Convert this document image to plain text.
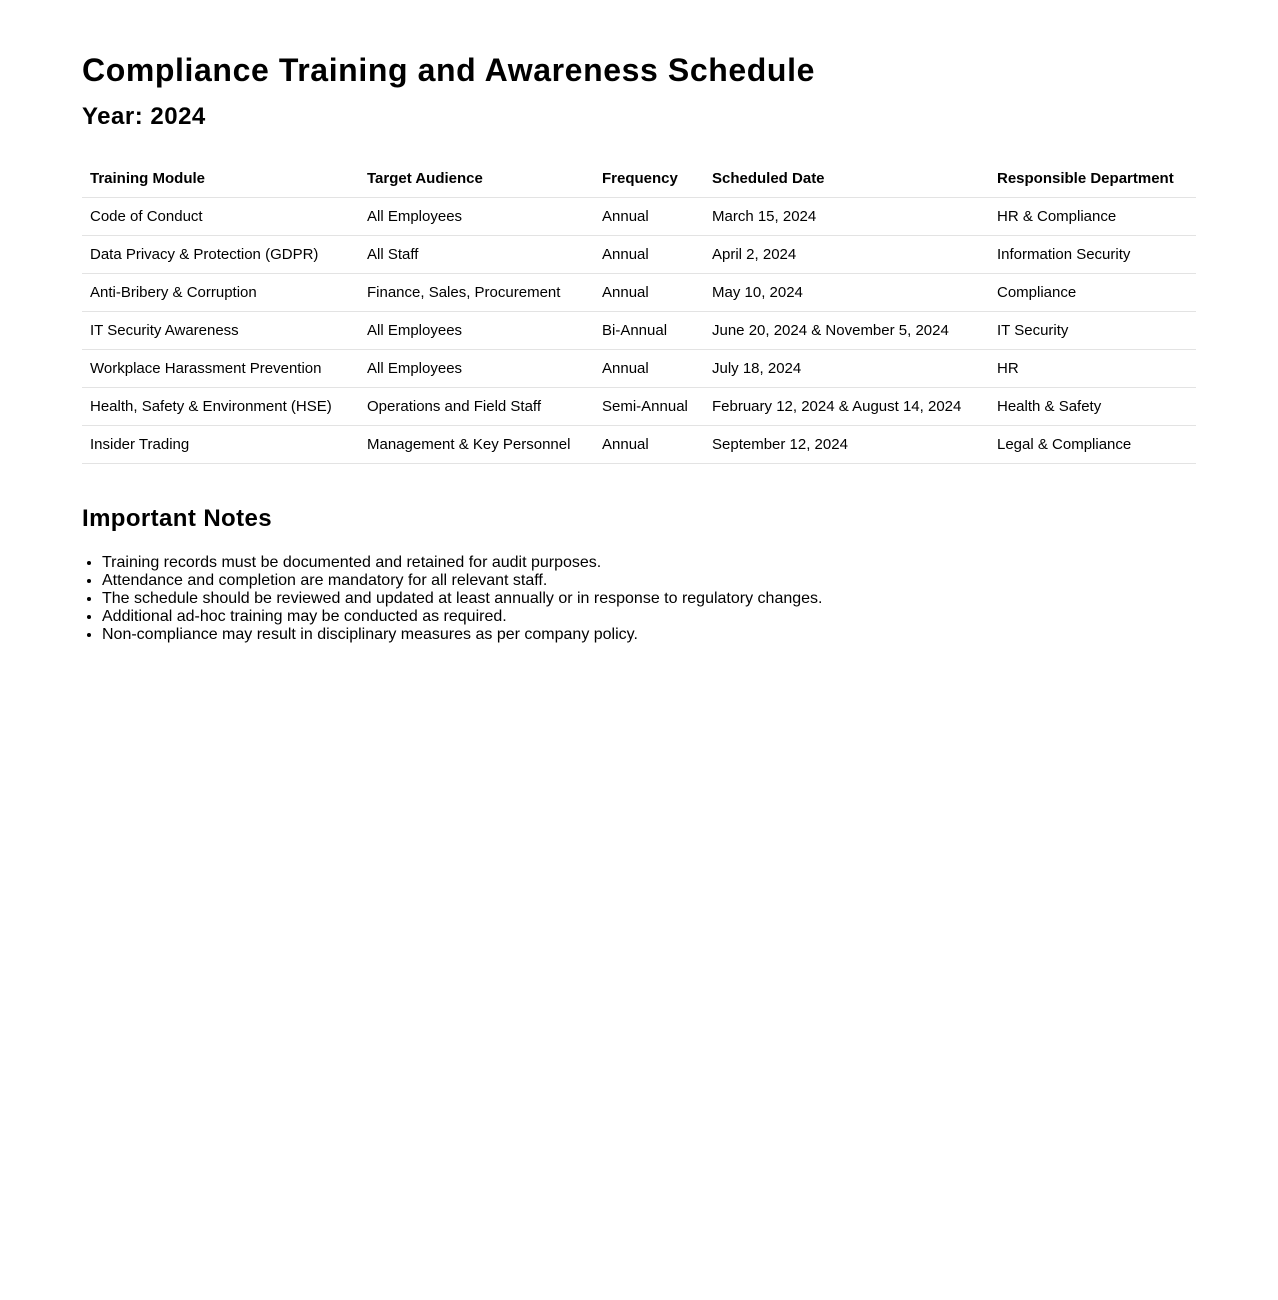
Compliance Training and Awareness Schedule
Year: 2024
Training Module	Target Audience	Frequency	Scheduled Date	Responsible Department
Code of Conduct	All Employees	Annual	March 15, 2024	HR & Compliance
Data Privacy & Protection (GDPR)	All Staff	Annual	April 2, 2024	Information Security
Anti-Bribery & Corruption	Finance, Sales, Procurement	Annual	May 10, 2024	Compliance
IT Security Awareness	All Employees	Bi-Annual	June 20, 2024 & November 5, 2024	IT Security
Workplace Harassment Prevention	All Employees	Annual	July 18, 2024	HR
Health, Safety & Environment (HSE)	Operations and Field Staff	Semi-Annual	February 12, 2024 & August 14, 2024	Health & Safety
Insider Trading	Management & Key Personnel	Annual	September 12, 2024	Legal & Compliance
Important Notes
• Training records must be documented and retained for audit purposes.
• Attendance and completion are mandatory for all relevant staff.
• The schedule should be reviewed and updated at least annually or in response to regulatory changes.
• Additional ad-hoc training may be conducted as required.
• Non-compliance may result in disciplinary measures as per company policy.
